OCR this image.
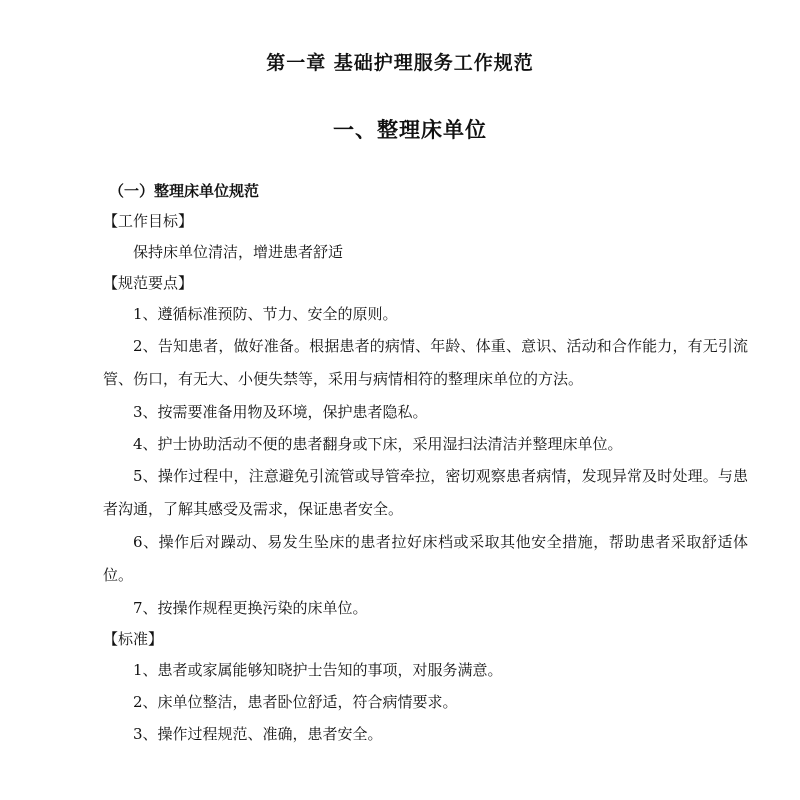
第一章 基础护理服务工作规范
一、整理床单位
（一）整理床单位规范
【工作目标】
保持床单位清洁，增进患者舒适
【规范要点】
1、遵循标准预防、节力、安全的原则。
2、告知患者，做好准备。根据患者的病情、年龄、体重、意识、活动和合作能力，有无引流管、伤口，有无大、小便失禁等，采用与病情相符的整理床单位的方法。
3、按需要准备用物及环境，保护患者隐私。
4、护士协助活动不便的患者翻身或下床，采用湿扫法清洁并整理床单位。
5、操作过程中，注意避免引流管或导管牵拉，密切观察患者病情，发现异常及时处理。与患者沟通，了解其感受及需求，保证患者安全。
6、操作后对躁动、易发生坠床的患者拉好床档或采取其他安全措施，帮助患者采取舒适体位。
7、按操作规程更换污染的床单位。
【标准】
1、患者或家属能够知晓护士告知的事项，对服务满意。
2、床单位整洁，患者卧位舒适，符合病情要求。
3、操作过程规范、准确，患者安全。
